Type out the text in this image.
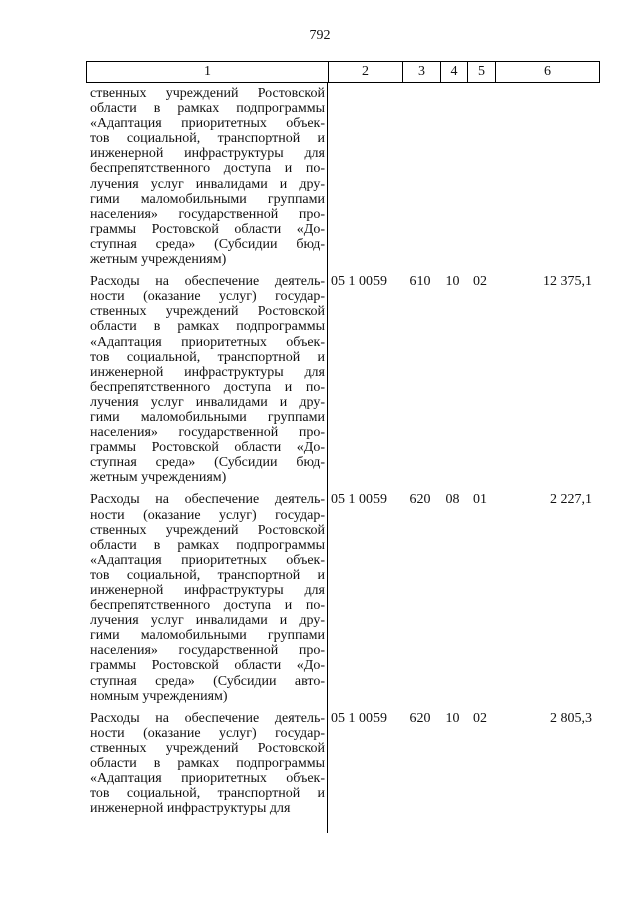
792
1	2	3	4	5	6
ственных учреждений Ростовской
области в рамках подпрограммы
«Адаптация приоритетных объек-
тов социальной, транспортной и
инженерной инфраструктуры для
беспрепятственного доступа и по-
лучения услуг инвалидами и дру-
гими маломобильными группами
населения» государственной про-
граммы Ростовской области «До-
ступная среда» (Субсидии бюд-
жетным учреждениям)
Расходы на обеспечение деятель-
ности (оказание услуг) государ-
ственных учреждений Ростовской
области в рамках подпрограммы
«Адаптация приоритетных объек-
тов социальной, транспортной и
инженерной инфраструктуры для
беспрепятственного доступа и по-
лучения услуг инвалидами и дру-
гими маломобильными группами
населения» государственной про-
граммы Ростовской области «До-
ступная среда» (Субсидии бюд-
жетным учреждениям)
05 1 0059	610	10 02	12 375,1
Расходы на обеспечение деятель-
ности (оказание услуг) государ-
ственных учреждений Ростовской
области в рамках подпрограммы
«Адаптация приоритетных объек-
тов социальной, транспортной и
инженерной инфраструктуры для
беспрепятственного доступа и по-
лучения услуг инвалидами и дру-
гими маломобильными группами
населения» государственной про-
граммы Ростовской области «До-
ступная среда» (Субсидии авто-
номным учреждениям)
05 1 0059	620	08 01	2 227,1
Расходы на обеспечение деятель-
ности (оказание услуг) государ-
ственных учреждений Ростовской
области в рамках подпрограммы
«Адаптация приоритетных объек-
тов социальной, транспортной и
инженерной инфраструктуры для
05 1 0059	620	10 02	2 805,3
